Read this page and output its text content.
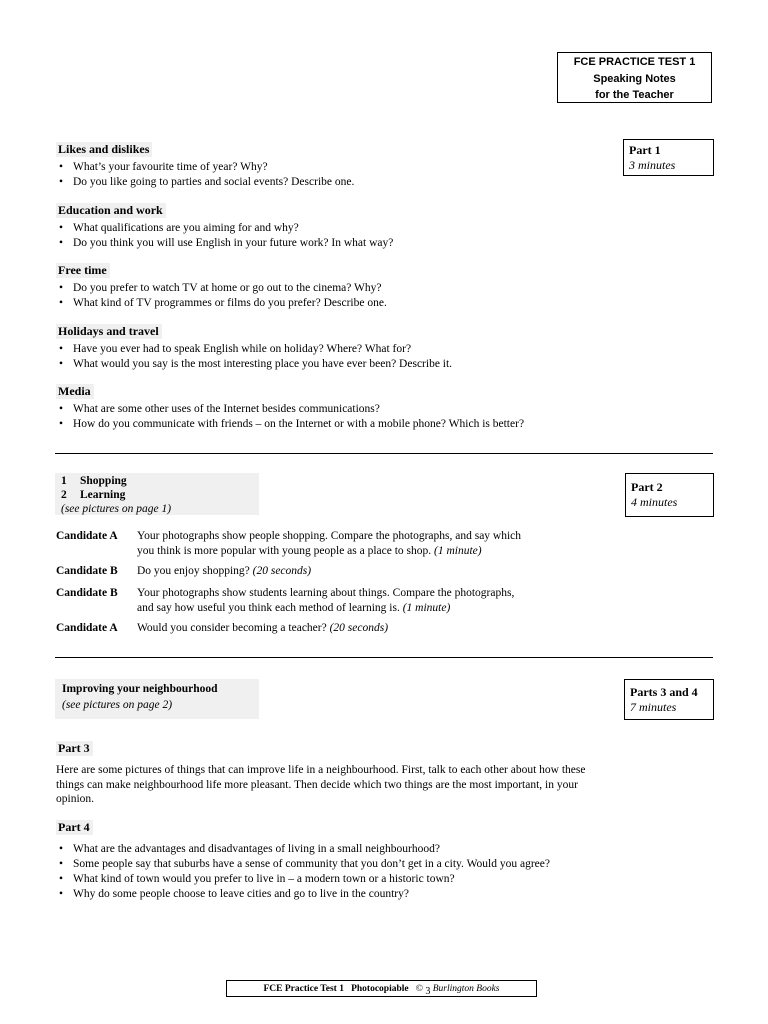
FCE PRACTICE TEST 1
Speaking Notes
for the Teacher
Part 1
3 minutes
Likes and dislikes
• What’s your favourite time of year? Why?
• Do you like going to parties and social events? Describe one.
Education and work
• What qualifications are you aiming for and why?
• Do you think you will use English in your future work? In what way?
Free time
• Do you prefer to watch TV at home or go out to the cinema? Why?
• What kind of TV programmes or films do you prefer? Describe one.
Holidays and travel
• Have you ever had to speak English while on holiday? Where? What for?
• What would you say is the most interesting place you have ever been? Describe it.
Media
• What are some other uses of the Internet besides communications?
• How do you communicate with friends – on the Internet or with a mobile phone? Which is better?
1 Shopping
2 Learning
(see pictures on page 1)
Part 2
4 minutes
Candidate A	Your photographs show people shopping. Compare the photographs, and say which
you think is more popular with young people as a place to shop. (1 minute)
Candidate B	Do you enjoy shopping? (20 seconds)
Candidate B	Your photographs show students learning about things. Compare the photographs,
and say how useful you think each method of learning is. (1 minute)
Candidate A	Would you consider becoming a teacher? (20 seconds)
Improving your neighbourhood
(see pictures on page 2)
Parts 3 and 4
7 minutes
Part 3
Here are some pictures of things that can improve life in a neighbourhood. First, talk to each other about how these things can make neighbourhood life more pleasant. Then decide which two things are the most important, in your opinion.
Part 4
• What are the advantages and disadvantages of living in a small neighbourhood?
• Some people say that suburbs have a sense of community that you don’t get in a city. Would you agree?
• What kind of town would you prefer to live in – a modern town or a historic town?
• Why do some people choose to leave cities and go to live in the country?
FCE Practice Test 1 Photocopiable © 3 Burlington Books
